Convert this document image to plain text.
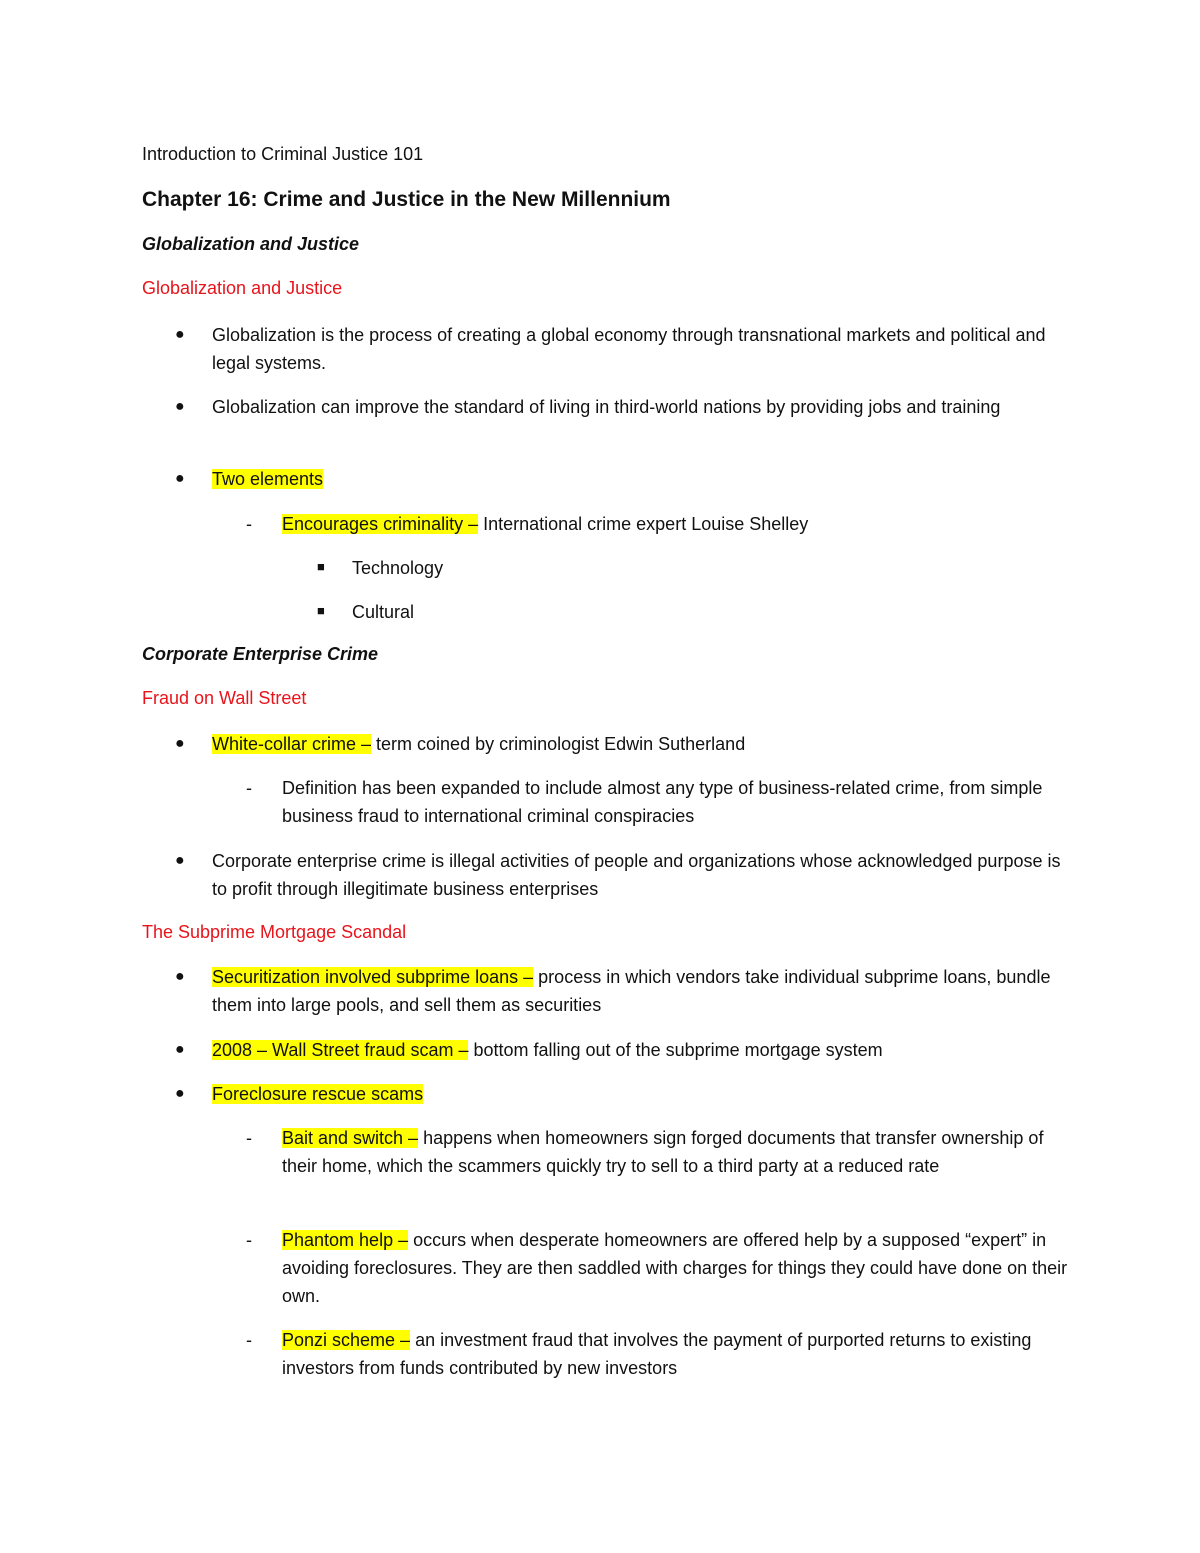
Introduction to Criminal Justice 101
Chapter 16: Crime and Justice in the New Millennium
Globalization and Justice
Globalization and Justice
● Globalization is the process of creating a global economy through transnational markets and political and legal systems.
● Globalization can improve the standard of living in third-world nations by providing jobs and training
● Two elements
- Encourages criminality – International crime expert Louise Shelley
■ Technology
■ Cultural
Corporate Enterprise Crime
Fraud on Wall Street
● White-collar crime – term coined by criminologist Edwin Sutherland
- Definition has been expanded to include almost any type of business-related crime, from simple business fraud to international criminal conspiracies
● Corporate enterprise crime is illegal activities of people and organizations whose acknowledged purpose is to profit through illegitimate business enterprises
The Subprime Mortgage Scandal
● Securitization involved subprime loans – process in which vendors take individual subprime loans, bundle them into large pools, and sell them as securities
● 2008 – Wall Street fraud scam – bottom falling out of the subprime mortgage system
● Foreclosure rescue scams
- Bait and switch – happens when homeowners sign forged documents that transfer ownership of their home, which the scammers quickly try to sell to a third party at a reduced rate
- Phantom help – occurs when desperate homeowners are offered help by a supposed “expert” in avoiding foreclosures. They are then saddled with charges for things they could have done on their own.
- Ponzi scheme – an investment fraud that involves the payment of purported returns to existing investors from funds contributed by new investors
